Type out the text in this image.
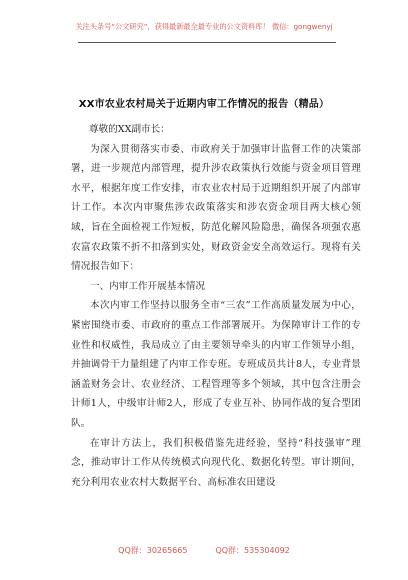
关注头条号“公文研究”，获得最新最全最专业的公文资料库！ 微信：gongwenyj
XX市农业农村局关于近期内审工作情况的报告（精品）

尊敬的XX副市长：

为深入贯彻落实市委、市政府关于加强审计监督工作的决策部署，进一步规范内部管理，提升涉农政策执行效能与资金项目管理水平，根据年度工作安排，市农业农村局于近期组织开展了内部审计工作。本次内审聚焦涉农政策落实和涉农资金项目两大核心领域，旨在全面检视工作短板，防范化解风险隐患，确保各项强农惠农富农政策不折不扣落到实处，财政资金安全高效运行。现将有关情况报告如下：

一、内审工作开展基本情况

本次内审工作坚持以服务全市“三农”工作高质量发展为中心，紧密围绕市委、市政府的重点工作部署展开。为保障审计工作的专业性和权威性，我局成立了由主要领导牵头的内审工作领导小组，并抽调骨干力量组建了内审工作专班。专班成员共计8人，专业背景涵盖财务会计、农业经济、工程管理等多个领域，其中包含注册会计师1人，中级审计师2人，形成了专业互补、协同作战的复合型团队。

在审计方法上，我们积极借鉴先进经验，坚持“科技强审”理念，推动审计工作从传统模式向现代化、数据化转型。审计期间，充分利用农业农村大数据平台、高标准农田建设

QQ群：30265665	QQ群：535304092
